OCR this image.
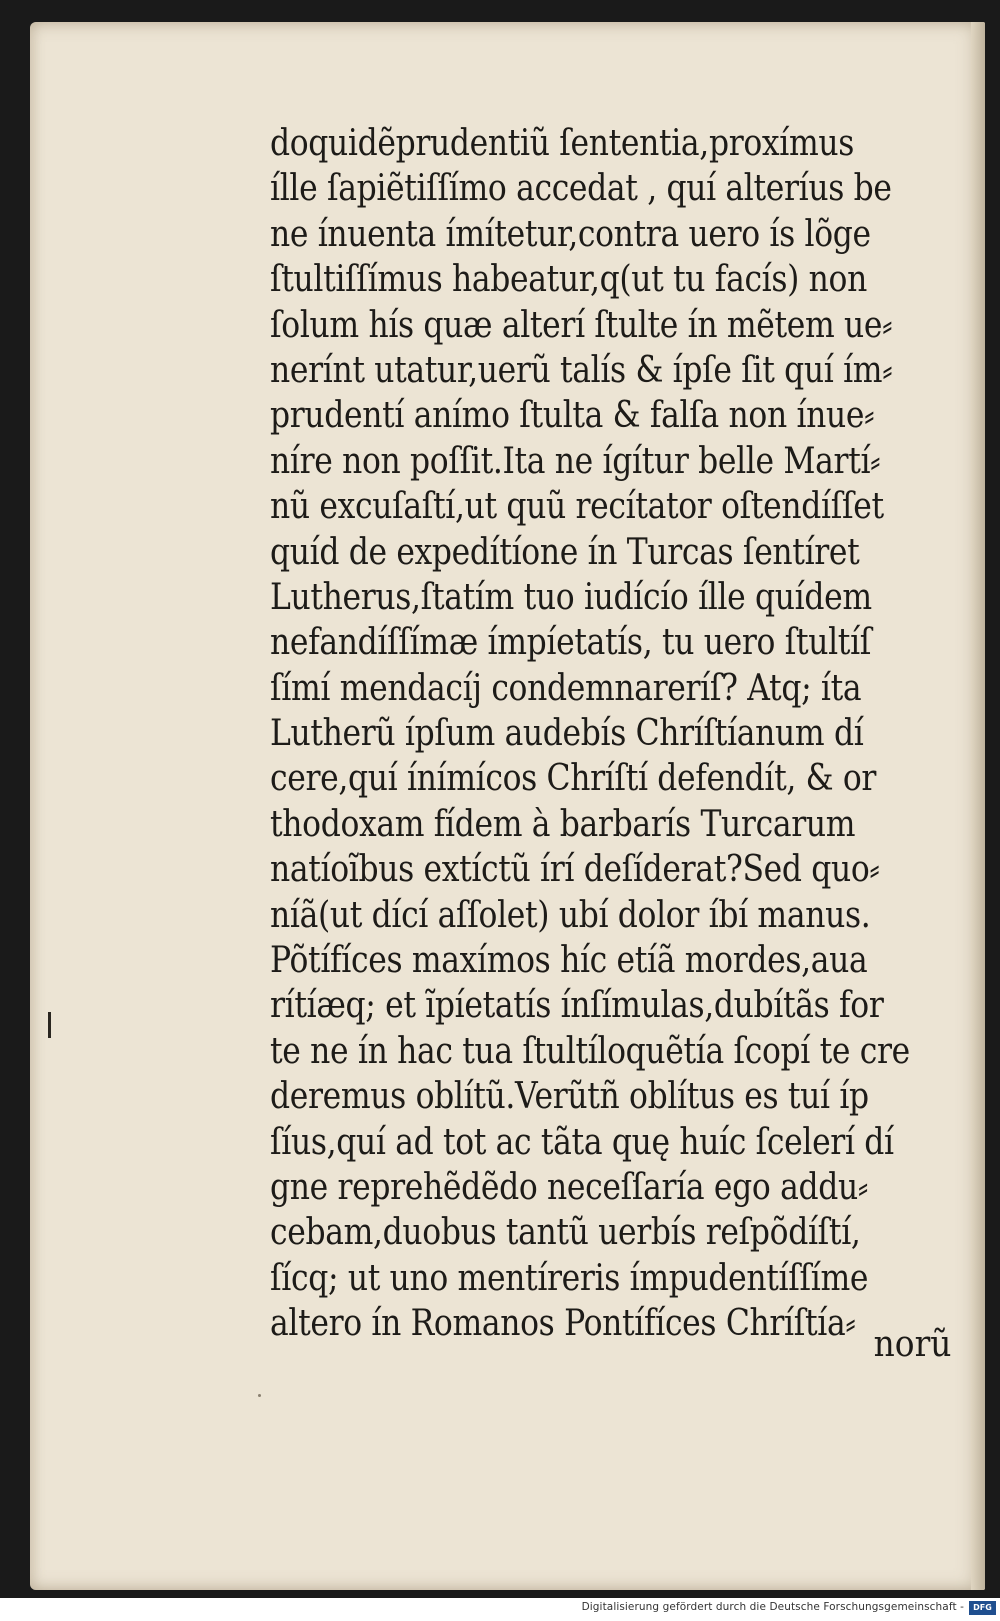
doquidẽprudentiũ ſententia,proxímus
ílle ſapiẽtiſſímo accedat , quí alteríus be
ne ínuenta ímítetur,contra uero ís lõge
ſtultiſſímus habeatur,q(ut tu facís) non
ſolum hís quæ alterí ſtulte ín mẽtem ue⸗
nerínt utatur,uerũ talís & ípſe ſit quí ím⸗
prudentí anímo ſtulta & falſa non ínue⸗
níre non poſſit.Ita ne ígítur belle Martí⸗
nũ excuſaſtí,ut quũ recítator oſtendíſſet
quíd de expedítíone ín Turcas ſentíret
Lutherus,ſtatím tuo iudícío ílle quídem
nefandíſſímæ ímpíetatís, tu uero ſtultíſ
ſímí mendacíj condemnareríſ? Atq; íta
Lutherũ ípſum audebís Chríſtíanum dí
cere,quí ínímícos Chríſtí defendít, & or
thodoxam fídem à barbarís Turcarum
natíoĩbus extíctũ írí deſíderat?Sed quo⸗
níã(ut dící aſſolet) ubí dolor íbí manus.
Põtífíces maxímos híc etíã mordes,aua
rítíæq; et ĩpíetatís ínſímulas,dubítãs for
te ne ín hac tua ſtultíloquẽtía ſcopí te cre
deremus oblítũ.Verũtñ oblítus es tuí íp
ſíus,quí ad tot ac tãta quę huíc ſcelerí dí
gne reprehẽdẽdo neceſſaría ego addu⸗
cebam,duobus tantũ uerbís reſpõdíſtí,
ſícq; ut uno mentíreris ímpudentíſſíme
altero ín Romanos Pontífíces Chríſtía⸗ norũ
Digitalisierung gefördert durch die Deutsche Forschungsgemeinschaft -	DFG
